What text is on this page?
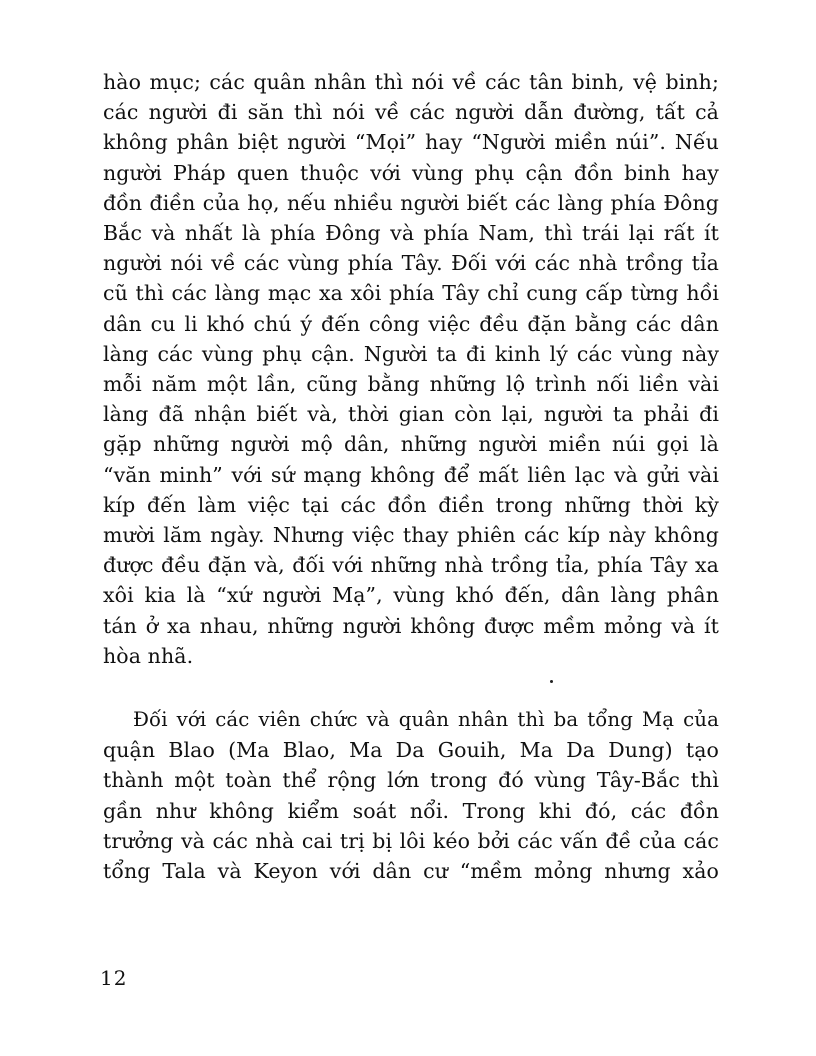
hào mục; các quân nhân thì nói về các tân binh, vệ binh;
các người đi săn thì nói về các người dẫn đường, tất cả
không phân biệt người “Mọi” hay “Người miền núi”. Nếu
người Pháp quen thuộc với vùng phụ cận đồn binh hay
đồn điền của họ, nếu nhiều người biết các làng phía Đông
Bắc và nhất là phía Đông và phía Nam, thì trái lại rất ít
người nói về các vùng phía Tây. Đối với các nhà trồng tỉa
cũ thì các làng mạc xa xôi phía Tây chỉ cung cấp từng hồi
dân cu li khó chú ý đến công việc đều đặn bằng các dân
làng các vùng phụ cận. Người ta đi kinh lý các vùng này
mỗi năm một lần, cũng bằng những lộ trình nối liền vài
làng đã nhận biết và, thời gian còn lại, người ta phải đi
gặp những người mộ dân, những người miền núi gọi là
“văn minh” với sứ mạng không để mất liên lạc và gửi vài
kíp đến làm việc tại các đồn điền trong những thời kỳ
mười lăm ngày. Nhưng việc thay phiên các kíp này không
được đều đặn và, đối với những nhà trồng tỉa, phía Tây xa
xôi kia là “xứ người Mạ”, vùng khó đến, dân làng phân
tán ở xa nhau, những người không được mềm mỏng và ít
hòa nhã.

Đối với các viên chức và quân nhân thì ba tổng Mạ của
quận Blao (Ma Blao, Ma Da Gouih, Ma Da Dung) tạo
thành một toàn thể rộng lớn trong đó vùng Tây-Bắc thì
gần như không kiểm soát nổi. Trong khi đó, các đồn
trưởng và các nhà cai trị bị lôi kéo bởi các vấn đề của các
tổng Tala và Keyon với dân cư “mềm mỏng nhưng xảo

12
